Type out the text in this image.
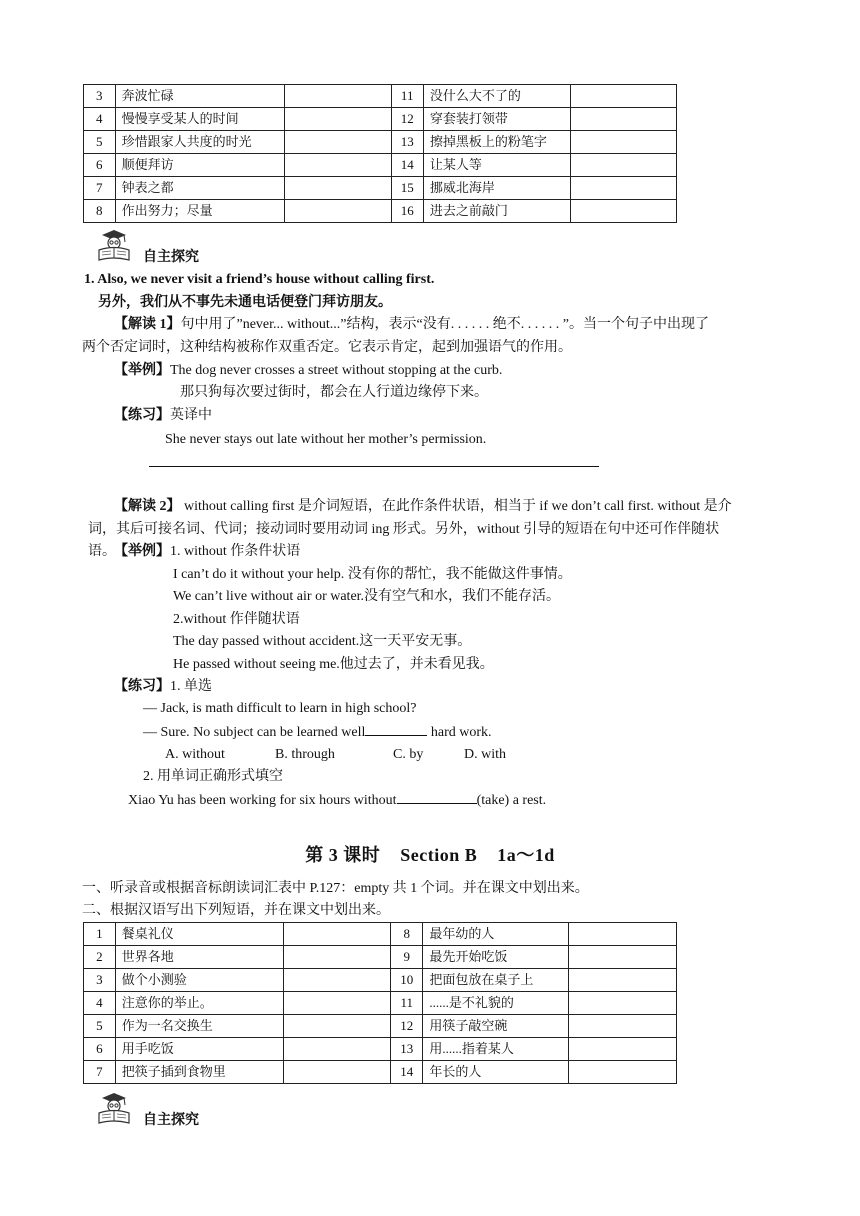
3	奔波忙碌		11	没什么大不了的	
4	慢慢享受某人的时间		12	穿套装打领带	
5	珍惜跟家人共度的时光		13	擦掉黑板上的粉笔字	
6	顺便拜访		14	让某人等	
7	钟表之都		15	挪威北海岸	
8	作出努力；尽量		16	进去之前敲门	
自主探究
1. Also, we never visit a friend’s house without calling first.
另外，我们从不事先未通电话便登门拜访朋友。
【解读 1】句中用了”never... without...”结构，表示“没有. . . . . . 绝不. . . . . . ”。当一个句子中出现了
两个否定词时，这种结构被称作双重否定。它表示肯定，起到加强语气的作用。
【举例】The dog never crosses a street without stopping at the curb.
那只狗每次要过街时，都会在人行道边缘停下来。
【练习】英译中
She never stays out late without her mother’s permission.
【解读 2】 without calling first 是介词短语，在此作条件状语，相当于 if we don’t call first. without 是介
词，其后可接名词、代词；接动词时要用动词 ing 形式。另外，without 引导的短语在句中还可作伴随状
语。
【举例】1. without 作条件状语
I can’t do it without your help. 没有你的帮忙，我不能做这件事情。
We can’t live without air or water.没有空气和水，我们不能存活。
2.without 作伴随状语
The day passed without accident.这一天平安无事。
He passed without seeing me.他过去了，并未看见我。
【练习】1. 单选
— Jack, is math difficult to learn in high school?
— Sure. No subject can be learned well	hard work.
A. without	B. through	C. by	D. with
2. 用单词正确形式填空
Xiao Yu has been working for six hours without	(take) a rest.
第 3 课时    Section B    1a～1d
一、听录音或根据音标朗读词汇表中 P.127：empty 共 1 个词。并在课文中划出来。
二、根据汉语写出下列短语，并在课文中划出来。
1	餐桌礼仪		8	最年幼的人	
2	世界各地		9	最先开始吃饭	
3	做个小测验		10	把面包放在桌子上	
4	注意你的举止。		11	......是不礼貌的	
5	作为一名交换生		12	用筷子敲空碗	
6	用手吃饭		13	用......指着某人	
7	把筷子插到食物里		14	年长的人	
自主探究
